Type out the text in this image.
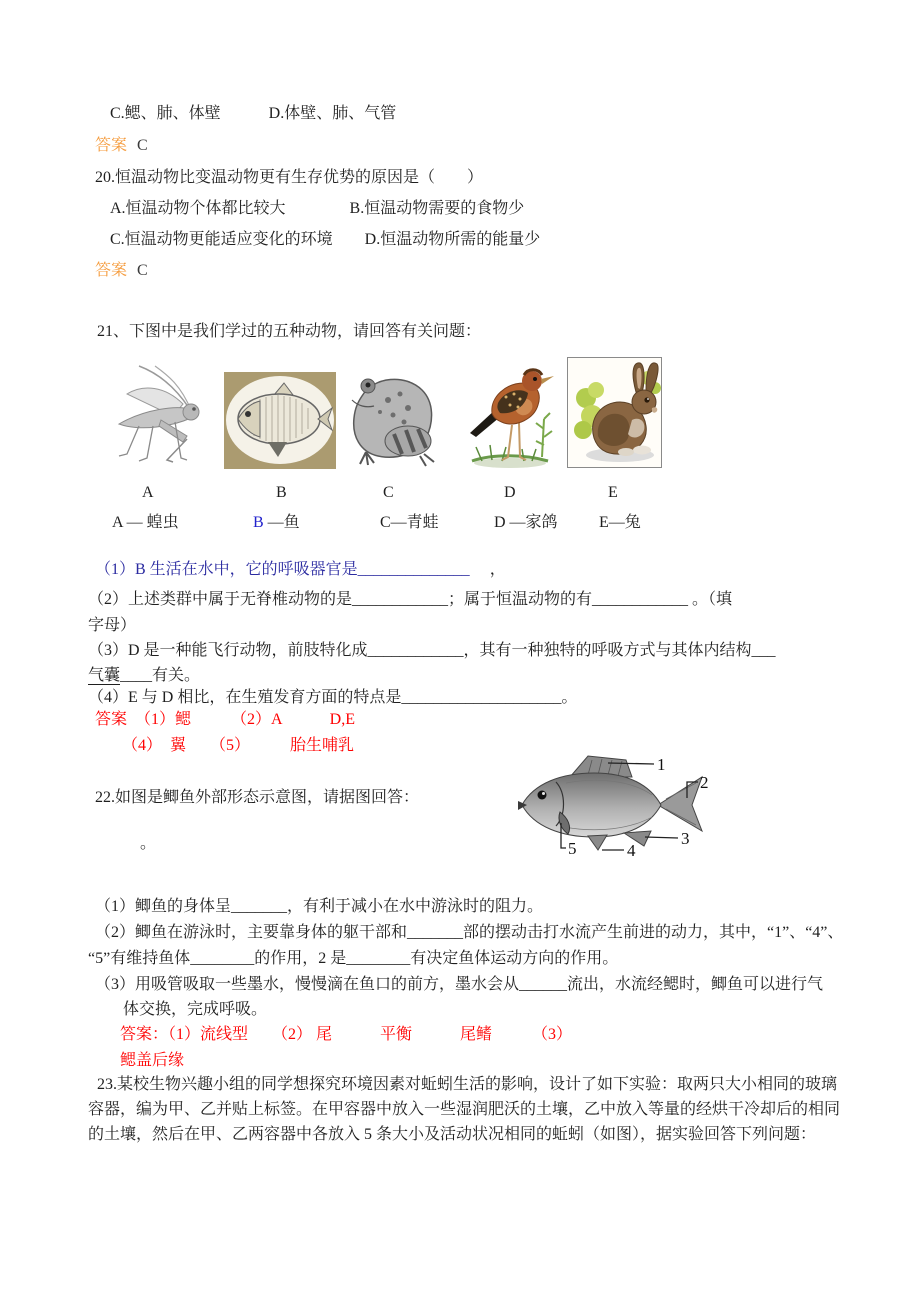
C.鳃、肺、体壁　　　D.体壁、肺、气管
答案 C
20.恒温动物比变温动物更有生存优势的原因是（　　）
A.恒温动物个体都比较大　　　　B.恒温动物需要的食物少
C.恒温动物更能适应变化的环境　　D.恒温动物所需的能量少
答案 C
21、下图中是我们学过的五种动物，请回答有关问题：
A	B	C	D	E
A — 蝗虫	B —鱼	C—青蛙	D —家鸽	E—兔
（1）B 生活在水中，它的呼吸器官是______________　 ，
（2）上述类群中属于无脊椎动物的是____________；属于恒温动物的有____________ 。（填
字母）
（3）D 是一种能飞行动物，前肢特化成____________，其有一种独特的呼吸方式与其体内结构___
气囊____有关。
（4）E 与 D 相比，在生殖发育方面的特点是____________________。
答案　（1）鳃　　　（2）A　　　D,E
（4）　翼　　（5）　　　胎生哺乳
22.如图是鲫鱼外部形态示意图，请据图回答：
1
2
3
4
5
。
（1）鲫鱼的身体呈_______，有利于减小在水中游泳时的阻力。
（2）鲫鱼在游泳时，主要靠身体的躯干部和_______部的摆动击打水流产生前进的动力，其中，“1”、“4”、
“5”有维持鱼体________的作用，2 是________有决定鱼体运动方向的作用。
（3）用吸管吸取一些墨水，慢慢滴在鱼口的前方，墨水会从______流出，水流经鳃时，鲫鱼可以进行气
体交换，完成呼吸。
答案：（1）流线型　　（2） 尾　　　平衡　　　尾鳍　　　（3）
鳃盖后缘
23.某校生物兴趣小组的同学想探究环境因素对蚯蚓生活的影响，设计了如下实验：取两只大小相同的玻璃
容器，编为甲、乙并贴上标签。在甲容器中放入一些湿润肥沃的土壤，乙中放入等量的经烘干冷却后的相同
的土壤，然后在甲、乙两容器中各放入 5 条大小及活动状况相同的蚯蚓（如图），据实验回答下列问题：
